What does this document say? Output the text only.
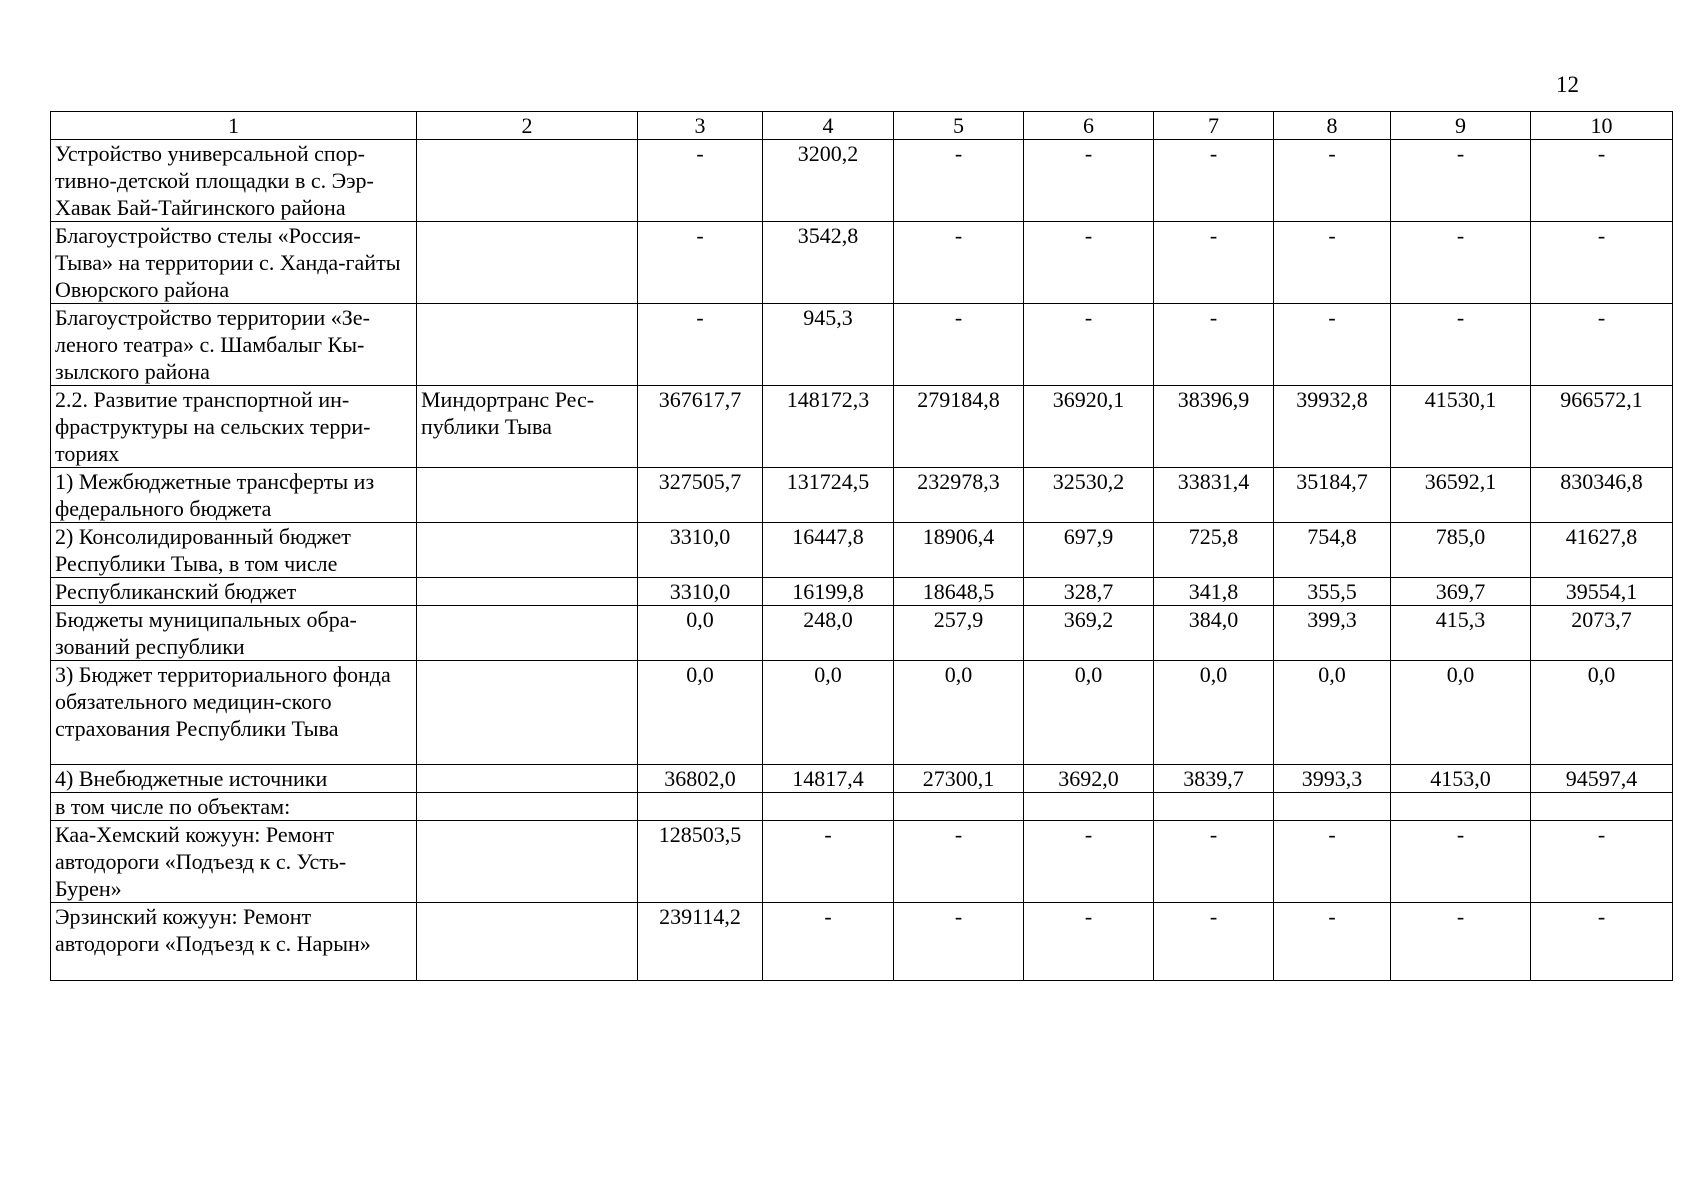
12
1	2	3	4	5	6	7	8	9	10
Устройство универсальной спор-тивно-детской площадки в с. Ээр-Хавак Бай-Тайгинского района		-	3200,2	-	-	-	-	-	-
Благоустройство стелы «Россия-Тыва» на территории с. Ханда-гайты Овюрского района		-	3542,8	-	-	-	-	-	-
Благоустройство территории «Зе-леного театра» с. Шамбалыг Кы-зылского района		-	945,3	-	-	-	-	-	-
2.2. Развитие транспортной ин-фраструктуры на сельских терри-ториях	Миндортранс Рес-публики Тыва	367617,7	148172,3	279184,8	36920,1	38396,9	39932,8	41530,1	966572,1
1) Межбюджетные трансферты из федерального бюджета		327505,7	131724,5	232978,3	32530,2	33831,4	35184,7	36592,1	830346,8
2) Консолидированный бюджет Республики Тыва, в том числе		3310,0	16447,8	18906,4	697,9	725,8	754,8	785,0	41627,8
Республиканский бюджет		3310,0	16199,8	18648,5	328,7	341,8	355,5	369,7	39554,1
Бюджеты муниципальных обра-зований республики		0,0	248,0	257,9	369,2	384,0	399,3	415,3	2073,7
3) Бюджет территориального фонда обязательного медицин-ского страхования Республики Тыва		0,0	0,0	0,0	0,0	0,0	0,0	0,0	0,0
4) Внебюджетные источники		36802,0	14817,4	27300,1	3692,0	3839,7	3993,3	4153,0	94597,4
в том числе по объектам:									
Каа-Хемский кожуун: Ремонт автодороги «Подъезд к с. Усть-Бурен»		128503,5	-	-	-	-	-	-	-
Эрзинский кожуун: Ремонт автодороги «Подъезд к с. Нарын»		239114,2	-	-	-	-	-	-	-
